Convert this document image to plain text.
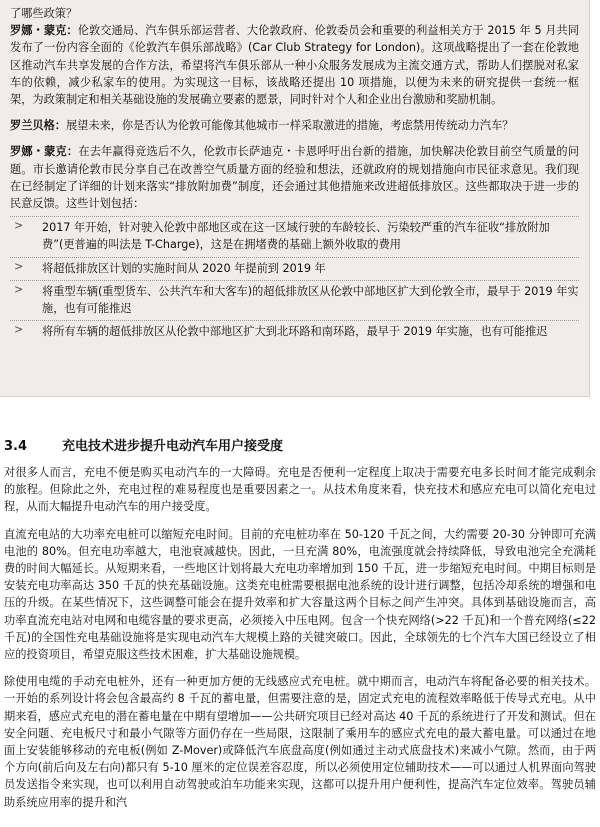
了哪些政策？

罗娜・蒙克：伦敦交通局、汽车俱乐部运营者、大伦敦政府、伦敦委员会和重要的利益相关方于 2015 年 5 月共同发布了一份内容全面的《伦敦汽车俱乐部战略》(Car Club Strategy for London)。这项战略提出了一套在伦敦地区推动汽车共享发展的合作方法，希望将汽车俱乐部从一种小众服务发展成为主流交通方式，帮助人们摆脱对私家车的依赖，减少私家车的使用。为实现这一目标，该战略还提出 10 项措施，以便为未来的研究提供一套统一框架，为政策制定和相关基础设施的发展确立要素的愿景，同时针对个人和企业出台激励和奖励机制。

罗兰贝格：展望未来，你是否认为伦敦可能像其他城市一样采取激进的措施，考虑禁用传统动力汽车？

罗娜・蒙克：在去年赢得竞选后不久，伦敦市长萨迪克・卡恩呼吁出台新的措施，加快解决伦敦目前空气质量的问题。市长邀请伦敦市民分享自己在改善空气质量方面的经验和想法，还就政府的规划措施向市民征求意见。我们现在已经制定了详细的计划来落实“排放附加费”制度，还会通过其他措施来改进超低排放区。这些都取决于进一步的民意反馈。这些计划包括：

> 2017 年开始，针对驶入伦敦中部地区或在这一区域行驶的车龄较长、污染较严重的汽车征收“排放附加费”(更普遍的叫法是 T-Charge)，这是在拥堵费的基础上额外收取的费用
> 将超低排放区计划的实施时间从 2020 年提前到 2019 年
> 将重型车辆(重型货车、公共汽车和大客车)的超低排放区从伦敦中部地区扩大到伦敦全市，最早于 2019 年实施，也有可能推迟
> 将所有车辆的超低排放区从伦敦中部地区扩大到北环路和南环路，最早于 2019 年实施，也有可能推迟
3.4	充电技术进步提升电动汽车用户接受度

对很多人而言，充电不便是购买电动汽车的一大障碍。充电是否便利一定程度上取决于需要充电多长时间才能完成剩余的旅程。但除此之外，充电过程的难易程度也是重要因素之一。从技术角度来看，快充技术和感应充电可以简化充电过程，从而大幅提升电动汽车的用户接受度。

直流充电站的大功率充电桩可以缩短充电时间。目前的充电桩功率在 50-120 千瓦之间，大约需要 20-30 分钟即可充满电池的 80%。但充电功率越大，电池衰减越快。因此，一旦充满 80%，电流强度就会持续降低，导致电池完全充满耗费的时间大幅延长。从短期来看，一些地区计划将最大充电功率增加到 150 千瓦，进一步缩短充电时间。中期目标则是安装充电功率高达 350 千瓦的快充基础设施。这类充电桩需要根据电池系统的设计进行调整，包括冷却系统的增强和电压的升级。在某些情况下，这些调整可能会在提升效率和扩大容量这两个目标之间产生冲突。具体到基础设施而言，高功率直流充电站对电网和电缆容量的要求更高，必须接入中压电网。包含一个快充网络(>22 千瓦)和一个普充网络(≤22 千瓦)的全国性充电基础设施将是实现电动汽车大规模上路的关键突破口。因此，全球领先的七个汽车大国已经设立了相应的投资项目，希望克服这些技术困难，扩大基础设施规模。

除使用电缆的手动充电桩外，还有一种更加方便的无线感应式充电桩。就中期而言，电动汽车将配备必要的相关技术。一开始的系列设计将会包含最高约 8 千瓦的蓄电量，但需要注意的是，固定式充电的流程效率略低于传导式充电。从中期来看，感应式充电的潜在蓄电量在中期有望增加——公共研究项目已经对高达 40 千瓦的系统进行了开发和测试。但在安全问题、充电板尺寸和最小气隙等方面仍存在一些局限，这限制了乘用车的感应式充电的最大蓄电量。可以通过在地面上安装能够移动的充电板(例如 Z-Mover)或降低汽车底盘高度(例如通过主动式底盘技术)来减小气隙。然而，由于两个方向(前后向及左右向)都只有 5-10 厘米的定位误差容忍度，所以必须使用定位辅助技术——可以通过人机界面向驾驶员发送指令来实现，也可以利用自动驾驶或泊车功能来实现，这都可以提升用户便利性，提高汽车定位效率。驾驶员辅助系统应用率的提升和汽
